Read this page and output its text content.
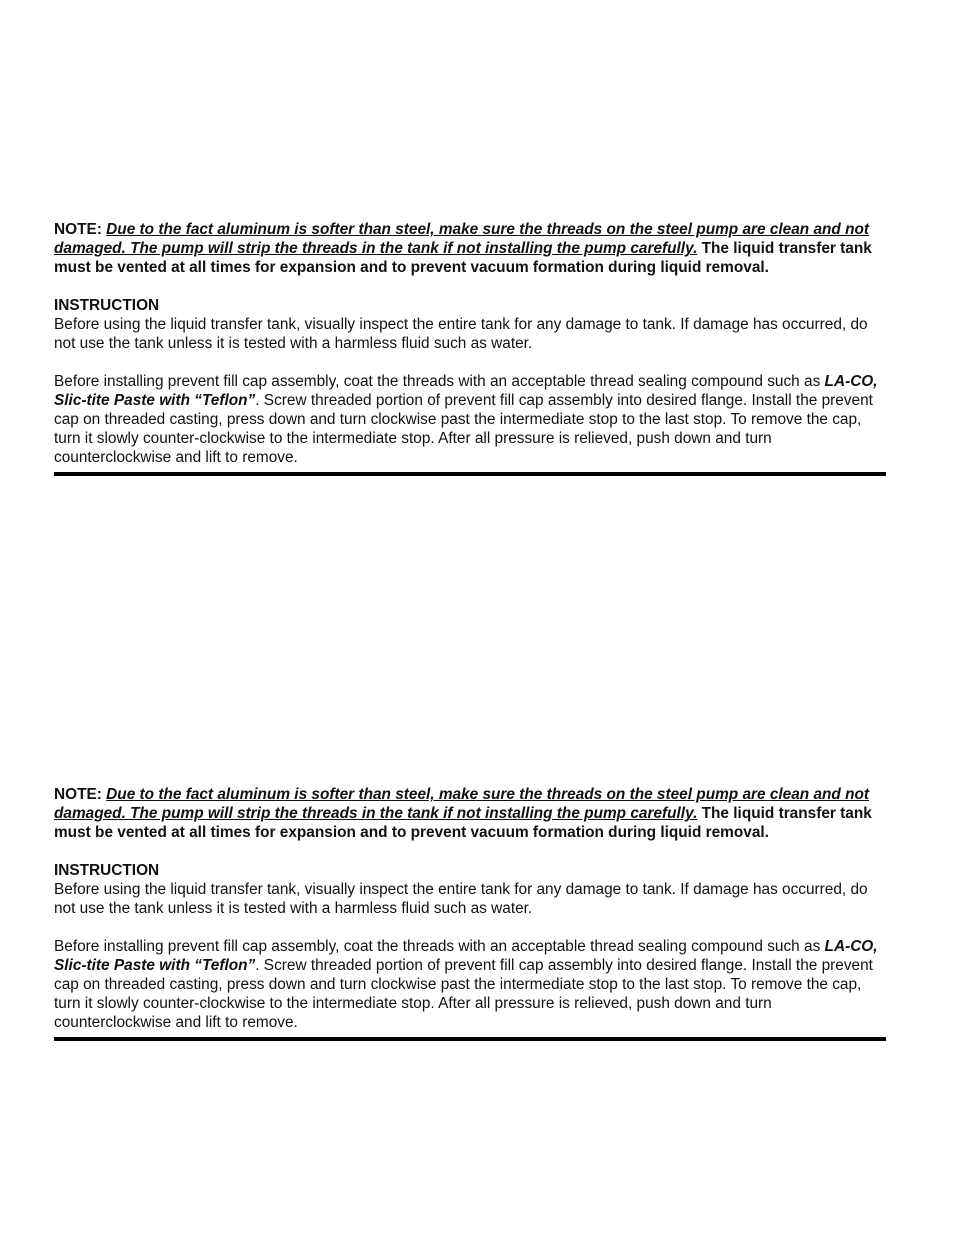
NOTE: Due to the fact aluminum is softer than steel, make sure the threads on the steel pump are clean and not damaged. The pump will strip the threads in the tank if not installing the pump carefully. The liquid transfer tank must be vented at all times for expansion and to prevent vacuum formation during liquid removal.

INSTRUCTION

Before using the liquid transfer tank, visually inspect the entire tank for any damage to tank. If damage has occurred, do not use the tank unless it is tested with a harmless fluid such as water.

Before installing prevent fill cap assembly, coat the threads with an acceptable thread sealing compound such as LA-CO, Slic-tite Paste with “Teflon”. Screw threaded portion of prevent fill cap assembly into desired flange. Install the prevent cap on threaded casting, press down and turn clockwise past the intermediate stop to the last stop. To remove the cap, turn it slowly counter-clockwise to the intermediate stop. After all pressure is relieved, push down and turn counterclockwise and lift to remove.

NOTE: Due to the fact aluminum is softer than steel, make sure the threads on the steel pump are clean and not damaged. The pump will strip the threads in the tank if not installing the pump carefully. The liquid transfer tank must be vented at all times for expansion and to prevent vacuum formation during liquid removal.

INSTRUCTION

Before using the liquid transfer tank, visually inspect the entire tank for any damage to tank. If damage has occurred, do not use the tank unless it is tested with a harmless fluid such as water.

Before installing prevent fill cap assembly, coat the threads with an acceptable thread sealing compound such as LA-CO, Slic-tite Paste with “Teflon”. Screw threaded portion of prevent fill cap assembly into desired flange. Install the prevent cap on threaded casting, press down and turn clockwise past the intermediate stop to the last stop. To remove the cap, turn it slowly counter-clockwise to the intermediate stop. After all pressure is relieved, push down and turn counterclockwise and lift to remove.
